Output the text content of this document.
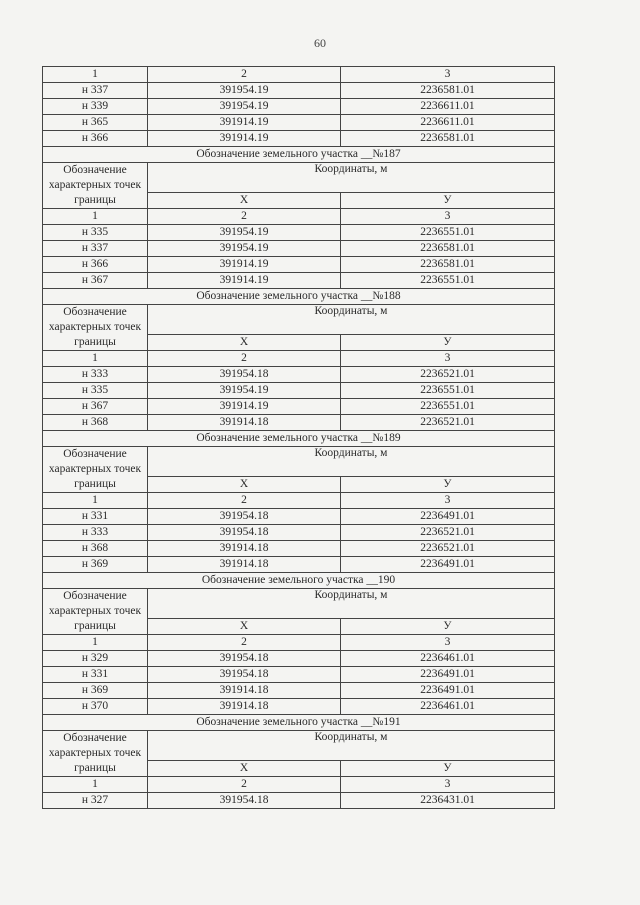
60
1	2	3
н 337	391954.19	2236581.01
н 339	391954.19	2236611.01
н 365	391914.19	2236611.01
н 366	391914.19	2236581.01
Обозначение земельного участка __№187		
Обозначение характерных точек границы	Координаты, м	

	Х	У
1	2	3
н 335	391954.19	2236551.01
н 337	391954.19	2236581.01
н 366	391914.19	2236581.01
н 367	391914.19	2236551.01
Обозначение земельного участка __№188		
Обозначение характерных точек границы	Координаты, м	

	Х	У
1	2	3
н 333	391954.18	2236521.01
н 335	391954.19	2236551.01
н 367	391914.19	2236551.01
н 368	391914.18	2236521.01
Обозначение земельного участка __№189		
Обозначение характерных точек границы	Координаты, м	

	Х	У
1	2	3
н 331	391954.18	2236491.01
н 333	391954.18	2236521.01
н 368	391914.18	2236521.01
н 369	391914.18	2236491.01
Обозначение земельного участка __190		
Обозначение характерных точек границы	Координаты, м	

	Х	У
1	2	3
н 329	391954.18	2236461.01
н 331	391954.18	2236491.01
н 369	391914.18	2236491.01
н 370	391914.18	2236461.01
Обозначение земельного участка __№191		
Обозначение характерных точек границы	Координаты, м	

	Х	У
1	2	3
н 327	391954.18	2236431.01
